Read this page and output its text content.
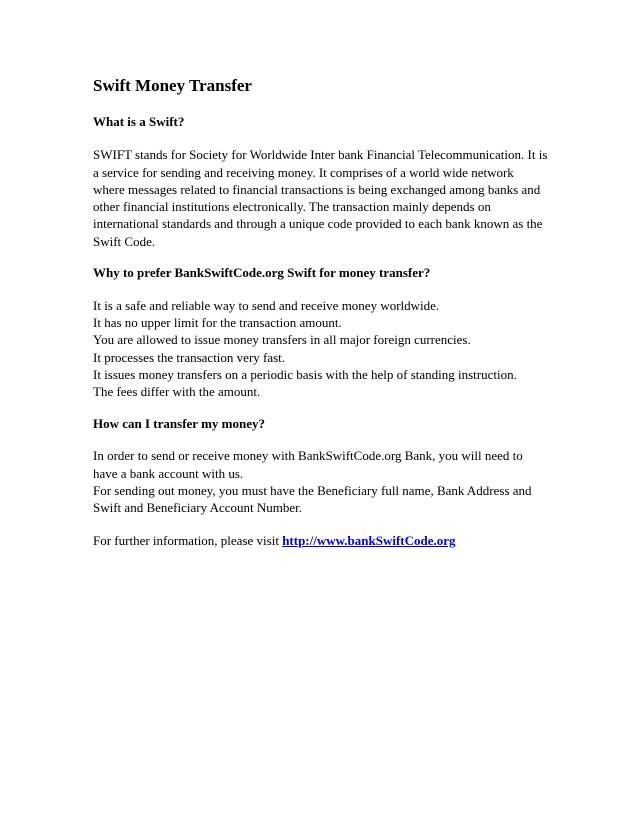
Swift Money Transfer
What is a Swift?

SWIFT stands for Society for Worldwide Inter bank Financial Telecommunication. It is a service for sending and receiving money. It comprises of a world wide network where messages related to financial transactions is being exchanged among banks and other financial institutions electronically. The transaction mainly depends on international standards and through a unique code provided to each bank known as the Swift Code.

Why to prefer BankSwiftCode.org Swift for money transfer?
It is a safe and reliable way to send and receive money worldwide.
It has no upper limit for the transaction amount.
You are allowed to issue money transfers in all major foreign currencies.
It processes the transaction very fast.
It issues money transfers on a periodic basis with the help of standing instruction.
The fees differ with the amount.
How can I transfer my money?
In order to send or receive money with BankSwiftCode.org Bank, you will need to have a bank account with us.
For sending out money, you must have the Beneficiary full name, Bank Address and Swift and Beneficiary Account Number.

For further information, please visit http://www.bankSwiftCode.org
